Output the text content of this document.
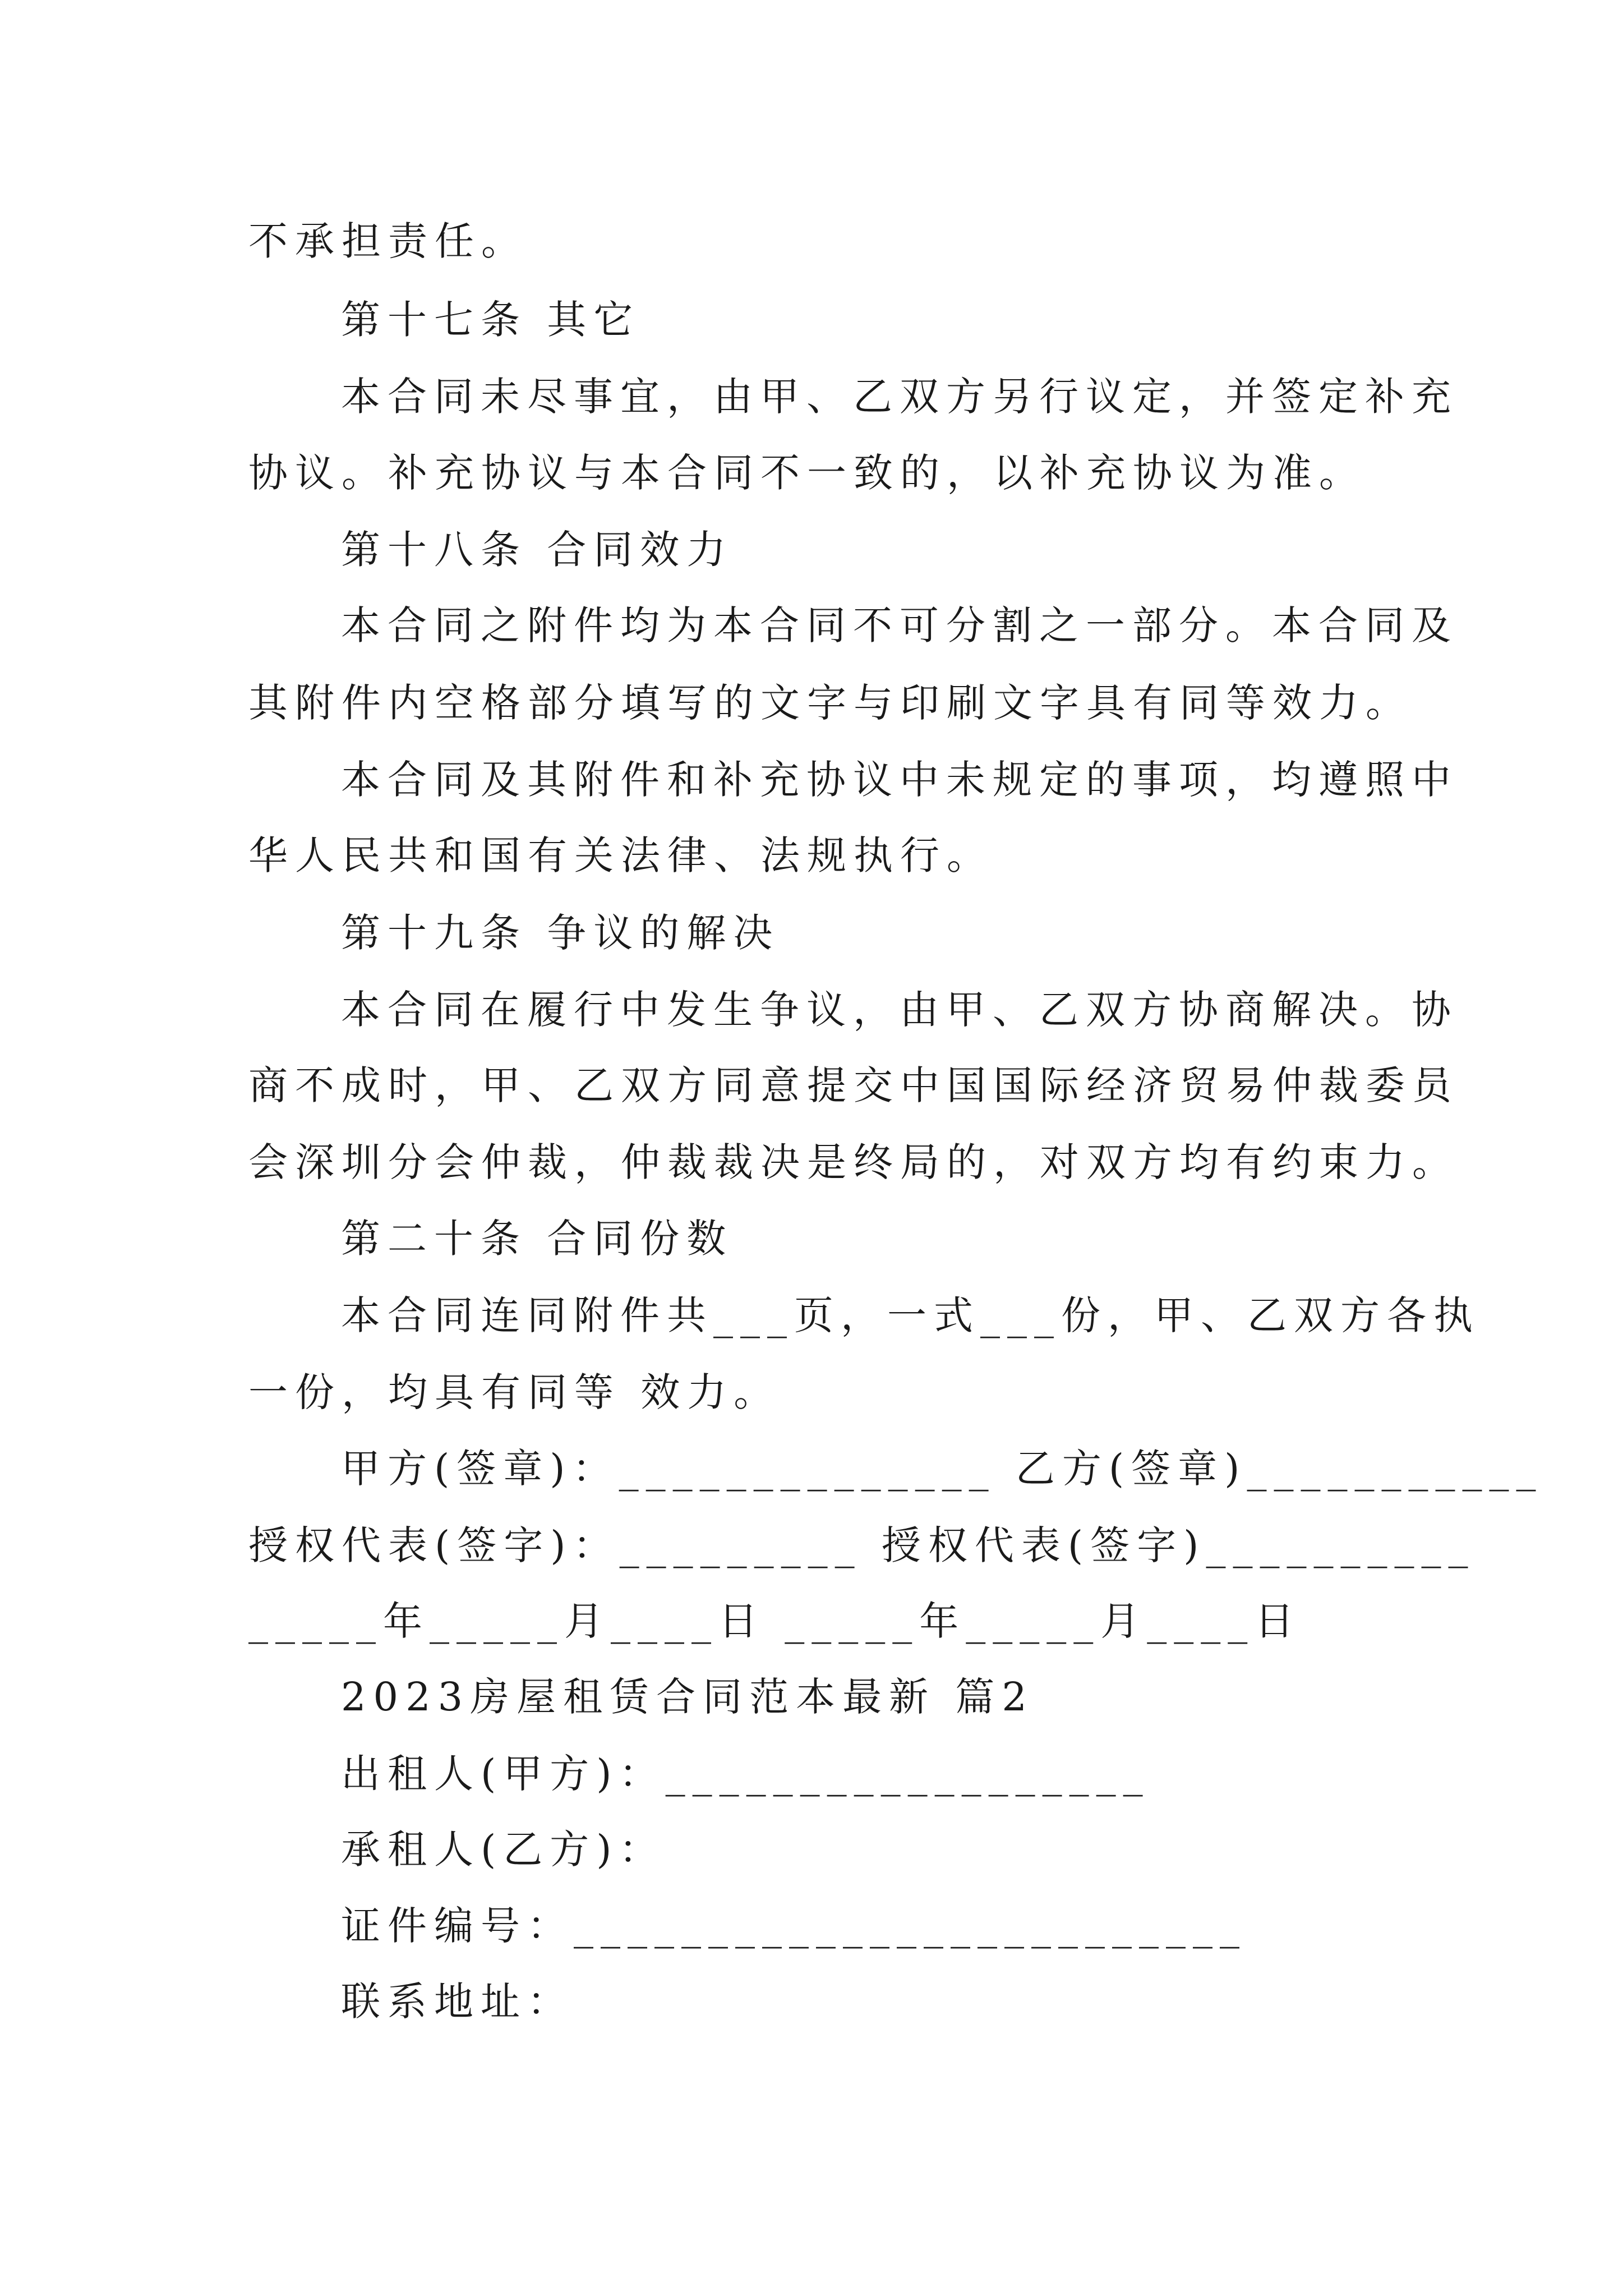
不承担责任。
第十七条 其它
本合同未尽事宜，由甲、乙双方另行议定，并签定补充
协议。补充协议与本合同不一致的，以补充协议为准。
第十八条 合同效力
本合同之附件均为本合同不可分割之一部分。本合同及
其附件内空格部分填写的文字与印刷文字具有同等效力。
本合同及其附件和补充协议中未规定的事项，均遵照中
华人民共和国有关法律、法规执行。
第十九条 争议的解决
本合同在履行中发生争议，由甲、乙双方协商解决。协
商不成时，甲、乙双方同意提交中国国际经济贸易仲裁委员
会深圳分会仲裁，仲裁裁决是终局的，对双方均有约束力。
第二十条 合同份数
本合同连同附件共___页，一式___份，甲、乙双方各执
一份，均具有同等 效力。
甲方(签章)：______________ 乙方(签章)___________
授权代表(签字)：_________ 授权代表(签字)__________
_____年_____月____日 _____年_____月____日
2023房屋租赁合同范本最新 篇2
出租人(甲方)：__________________
承租人(乙方)：
证件编号：_________________________
联系地址：
